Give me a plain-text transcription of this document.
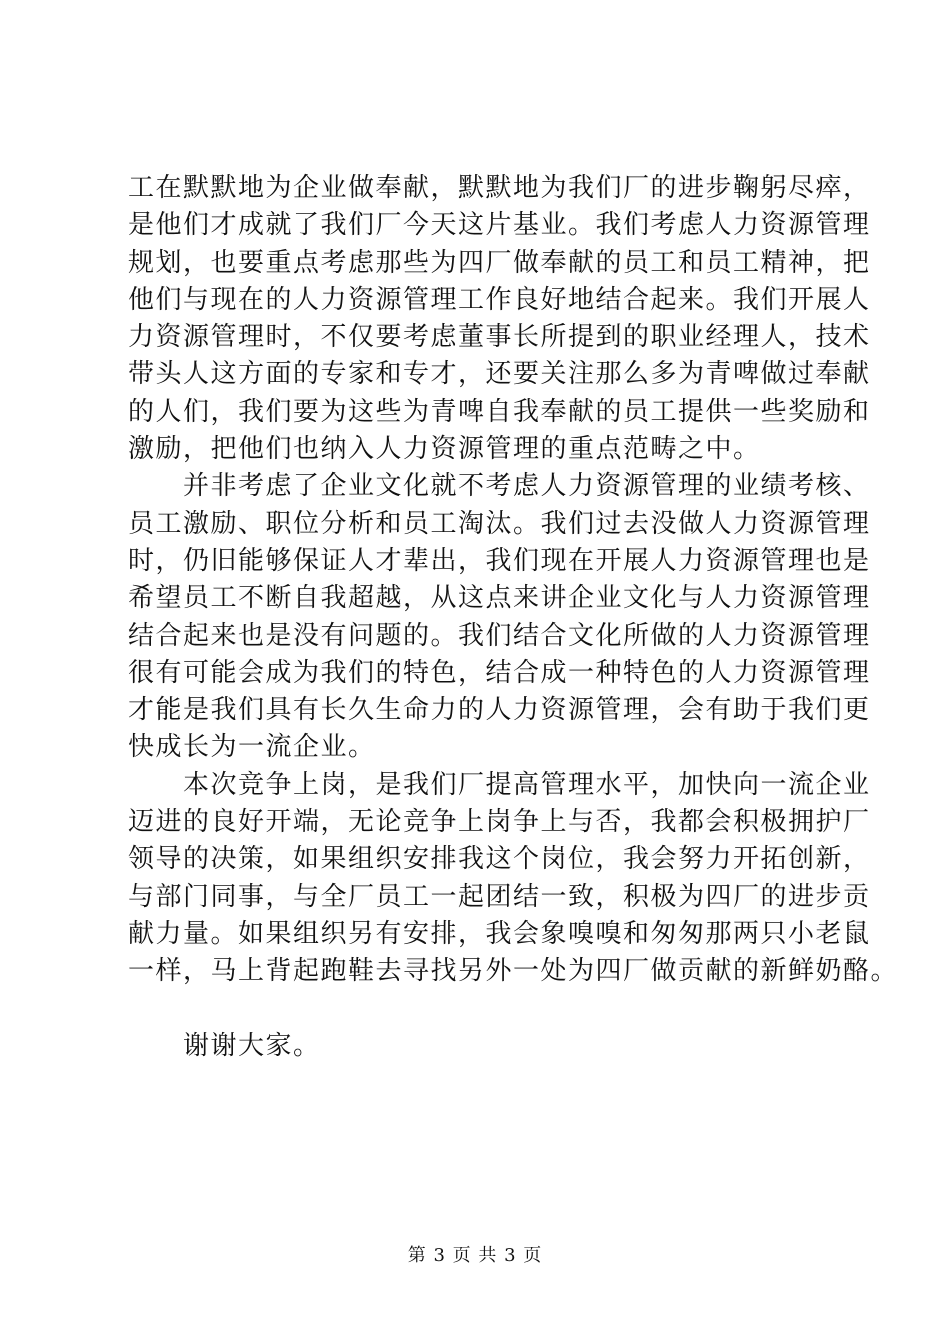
工在默默地为企业做奉献，默默地为我们厂的进步鞠躬尽瘁，
是他们才成就了我们厂今天这片基业。我们考虑人力资源管理
规划，也要重点考虑那些为四厂做奉献的员工和员工精神，把
他们与现在的人力资源管理工作良好地结合起来。我们开展人
力资源管理时，不仅要考虑董事长所提到的职业经理人，技术
带头人这方面的专家和专才，还要关注那么多为青啤做过奉献
的人们，我们要为这些为青啤自我奉献的员工提供一些奖励和
激励，把他们也纳入人力资源管理的重点范畴之中。
　　并非考虑了企业文化就不考虑人力资源管理的业绩考核、
员工激励、职位分析和员工淘汰。我们过去没做人力资源管理
时，仍旧能够保证人才辈出，我们现在开展人力资源管理也是
希望员工不断自我超越，从这点来讲企业文化与人力资源管理
结合起来也是没有问题的。我们结合文化所做的人力资源管理
很有可能会成为我们的特色，结合成一种特色的人力资源管理
才能是我们具有长久生命力的人力资源管理，会有助于我们更
快成长为一流企业。
　　本次竞争上岗，是我们厂提高管理水平，加快向一流企业
迈进的良好开端，无论竞争上岗争上与否，我都会积极拥护厂
领导的决策，如果组织安排我这个岗位，我会努力开拓创新，
与部门同事，与全厂员工一起团结一致，积极为四厂的进步贡
献力量。如果组织另有安排，我会象嗅嗅和匆匆那两只小老鼠
一样，马上背起跑鞋去寻找另外一处为四厂做贡献的新鲜奶酪。
　　谢谢大家。
第 3 页 共 3 页
